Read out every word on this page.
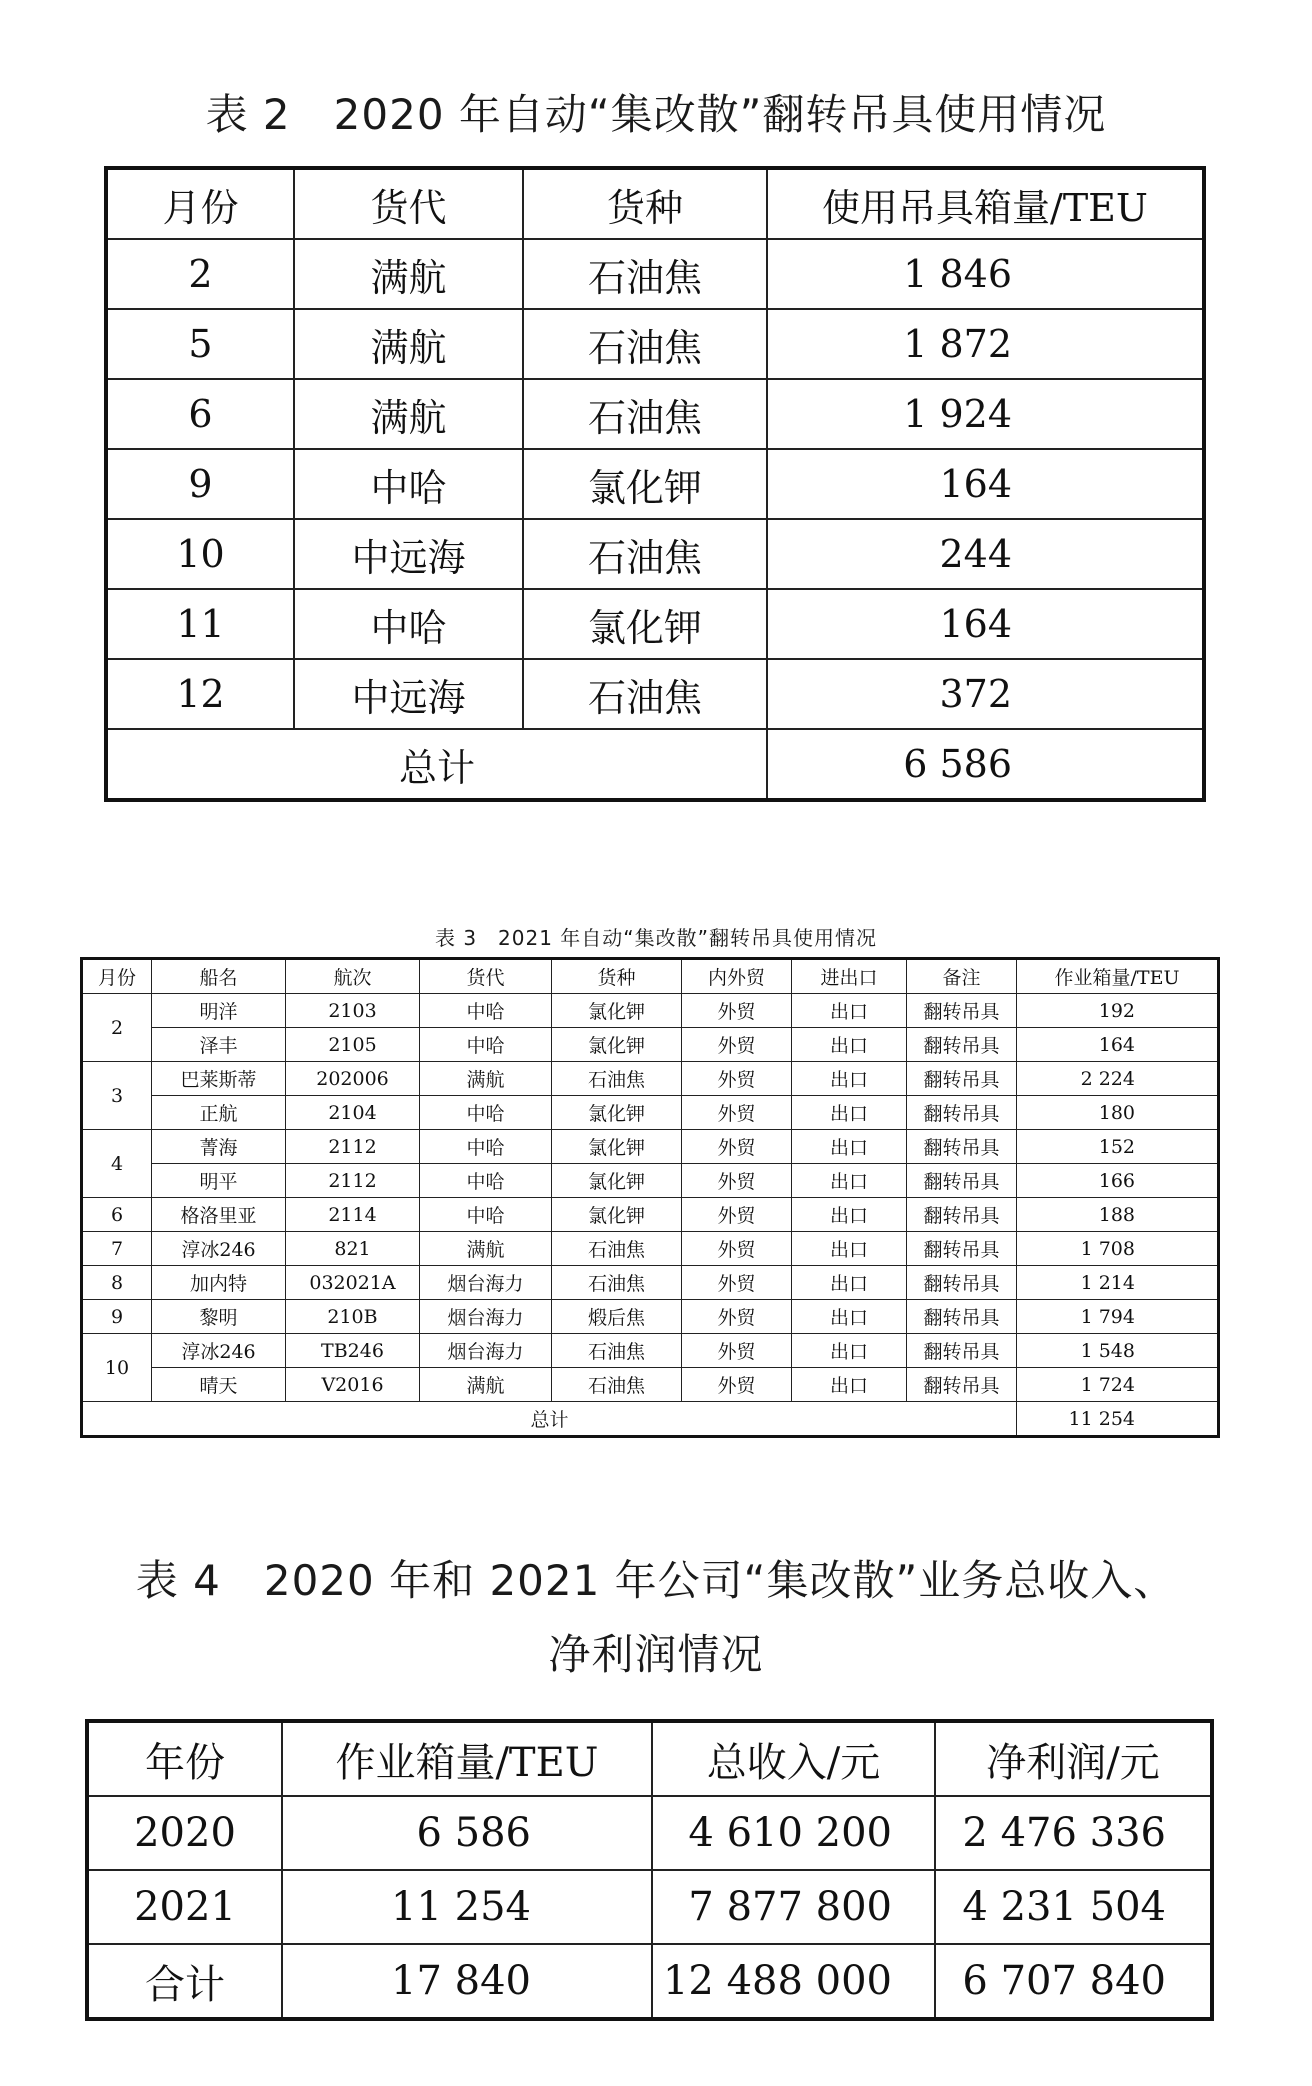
表 2　2020 年自动“集改散”翻转吊具使用情况
月份	货代	货种	使用吊具箱量/TEU
2	满航	石油焦	1 846
5	满航	石油焦	1 872
6	满航	石油焦	1 924
9	中哈	氯化钾	164
10	中远海	石油焦	244
11	中哈	氯化钾	164
12	中远海	石油焦	372
总计			6 586
表 3　2021 年自动“集改散”翻转吊具使用情况
月份	船名	航次	货代	货种	内外贸	进出口	备注	作业箱量/TEU
2	明洋	2103	中哈	氯化钾	外贸	出口	翻转吊具	192
	泽丰	2105	中哈	氯化钾	外贸	出口	翻转吊具	164
3	巴莱斯蒂	202006	满航	石油焦	外贸	出口	翻转吊具	2 224
	正航	2104	中哈	氯化钾	外贸	出口	翻转吊具	180
4	菁海	2112	中哈	氯化钾	外贸	出口	翻转吊具	152
	明平	2112	中哈	氯化钾	外贸	出口	翻转吊具	166
6	格洛里亚	2114	中哈	氯化钾	外贸	出口	翻转吊具	188
7	淳冰246	821	满航	石油焦	外贸	出口	翻转吊具	1 708
8	加内特	032021A	烟台海力	石油焦	外贸	出口	翻转吊具	1 214
9	黎明	210B	烟台海力	煅后焦	外贸	出口	翻转吊具	1 794
10	淳冰246	TB246	烟台海力	石油焦	外贸	出口	翻转吊具	1 548
	晴天	V2016	满航	石油焦	外贸	出口	翻转吊具	1 724
总计								11 254
表 4　2020 年和 2021 年公司“集改散”业务总收入、
净利润情况
年份	作业箱量/TEU	总收入/元	净利润/元
2020	6 586	4 610 200	2 476 336
2021	11 254	7 877 800	4 231 504
合计	17 840	12 488 000	6 707 840
